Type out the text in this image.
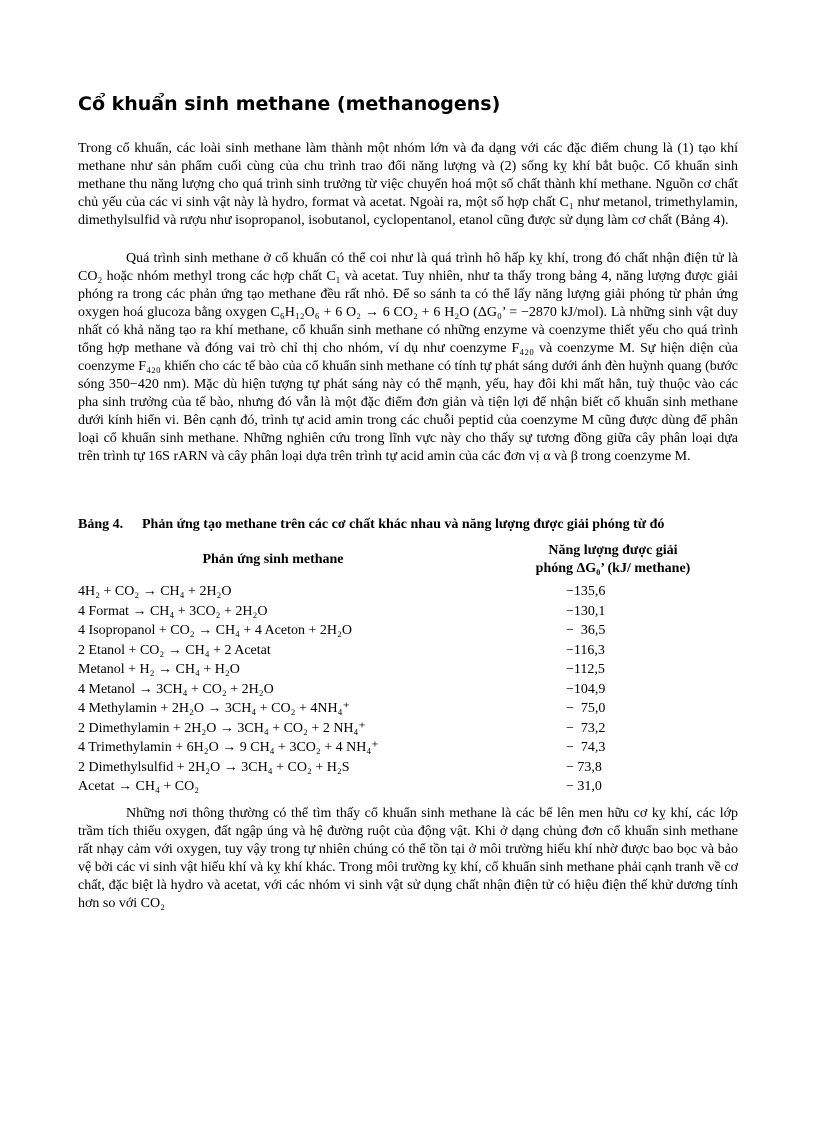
Cổ khuẩn sinh methane (methanogens)

Trong cổ khuẩn, các loài sinh methane làm thành một nhóm lớn và đa dạng với các đặc điểm chung là (1) tạo khí methane như sản phẩm cuối cùng của chu trình trao đổi năng lượng và (2) sống kỵ khí bắt buộc. Cổ khuẩn sinh methane thu năng lượng cho quá trình sinh trưởng từ việc chuyển hoá một số chất thành khí methane. Nguồn cơ chất chủ yếu của các vi sinh vật này là hydro, format và acetat. Ngoài ra, một số hợp chất C₁ như metanol, trimethylamin, dimethylsulfid và rượu như isopropanol, isobutanol, cyclopentanol, etanol cũng được sử dụng làm cơ chất (Bảng 4).

Quá trình sinh methane ở cổ khuẩn có thể coi như là quá trình hô hấp kỵ khí, trong đó chất nhận điện tử là CO₂ hoặc nhóm methyl trong các hợp chất C₁ và acetat. Tuy nhiên, như ta thấy trong bảng 4, năng lượng được giải phóng ra trong các phản ứng tạo methane đều rất nhỏ. Để so sánh ta có thể lấy năng lượng giải phóng từ phản ứng oxygen hoá glucoza bằng oxygen C₆H₁₂O₆ + 6 O₂ → 6 CO₂ + 6 H₂O (ΔG₀’ = −2870 kJ/mol). Là những sinh vật duy nhất có khả năng tạo ra khí methane, cổ khuẩn sinh methane có những enzyme và coenzyme thiết yếu cho quá trình tổng hợp methane và đóng vai trò chỉ thị cho nhóm, ví dụ như coenzyme F₄₂₀ và coenzyme M. Sự hiện diện của coenzyme F₄₂₀ khiến cho các tế bào của cổ khuẩn sinh methane có tính tự phát sáng dưới ánh đèn huỳnh quang (bước sóng 350−420 nm). Mặc dù hiện tượng tự phát sáng này có thể mạnh, yếu, hay đôi khi mất hẳn, tuỳ thuộc vào các pha sinh trưởng của tế bào, nhưng đó vẫn là một đặc điểm đơn giản và tiện lợi để nhận biết cổ khuẩn sinh methane dưới kính hiển vi. Bên cạnh đó, trình tự acid amin trong các chuỗi peptid của coenzyme M cũng được dùng để phân loại cổ khuẩn sinh methane. Những nghiên cứu trong lĩnh vực này cho thấy sự tương đồng giữa cây phân loại dựa trên trình tự 16S rARN và cây phân loại dựa trên trình tự acid amin của các đơn vị α và β trong coenzyme M.

Bảng 4.	Phản ứng tạo methane trên các cơ chất khác nhau và năng lượng được giải phóng từ đó
Phản ứng sinh methane	Năng lượng được giải
phóng ΔG₀’ (kJ/ methane)

4H₂ + CO₂ → CH₄ + 2H₂O	−135,6
4 Format → CH₄ + 3CO₂ + 2H₂O	−130,1
4 Isopropanol + CO₂ → CH₄ + 4 Aceton + 2H₂O	−  36,5
2 Etanol + CO₂ → CH₄ + 2 Acetat	−116,3
Metanol + H₂ → CH₄ + H₂O	−112,5
4 Metanol → 3CH₄ + CO₂ + 2H₂O	−104,9
4 Methylamin + 2H₂O → 3CH₄ + CO₂ + 4NH₄⁺	−  75,0
2 Dimethylamin + 2H₂O → 3CH₄ + CO₂ + 2 NH₄⁺	−  73,2
4 Trimethylamin + 6H₂O → 9 CH₄ + 3CO₂ + 4 NH₄⁺	−  74,3
2 Dimethylsulfid + 2H₂O → 3CH₄ + CO₂ + H₂S	− 73,8
Acetat → CH₄ + CO₂	− 31,0

Những nơi thông thường có thể tìm thấy cổ khuẩn sinh methane là các bể lên men hữu cơ kỵ khí, các lớp trầm tích thiếu oxygen, đất ngập úng và hệ đường ruột của động vật. Khi ở dạng chủng đơn cổ khuẩn sinh methane rất nhạy cảm với oxygen, tuy vậy trong tự nhiên chúng có thể tồn tại ở môi trường hiếu khí nhờ được bao bọc và bảo vệ bởi các vi sinh vật hiếu khí và kỵ khí khác. Trong môi trường kỵ khí, cổ khuẩn sinh methane phải cạnh tranh về cơ chất, đặc biệt là hydro và acetat, với các nhóm vi sinh vật sử dụng chất nhận điện tử có hiệu điện thế khử dương tính hơn so với CO₂
